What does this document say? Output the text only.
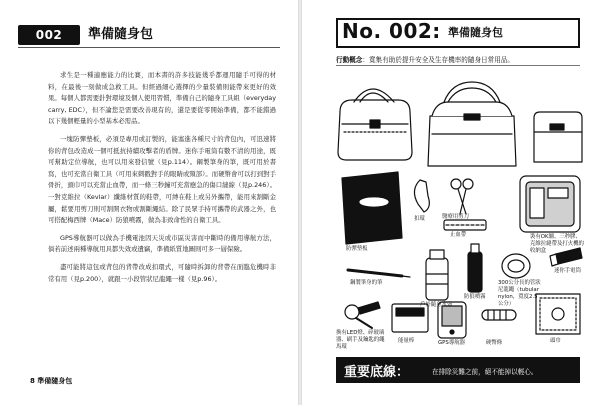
002	準備隨身包

求生是一種適應能力的比賽，而本書的許多技能幾乎都運用隨手可得的材料，在最後一刻做成急救工具。但經過細心選擇的少量裝備則能帶來更好的效果。每個人都需要針對環境及個人使用習慣，準備自己的隨身工具組（everyday carry, EDC），但不論您是需要改善現有的，還是要從零開始準備，都不能錯過以下幾個輕量的小型基本必需品。

一塊防彈墊板，必須是專用或訂製的，能塞進各種尺寸的背包內，可迅速將你的背包改造成一個可抵抗持續攻擊者的盾牌。迷你手電筒有數不清的用途，既可幫助定位導航，也可以用來發信號（見p.114）。鋼製筆身的筆，既可用於書寫，也可充當自衛工具（可用來刺戳對手的眼睛或頸部）。而硬幣會可以打到對手骨折，頭巾可以充當止血帶，而一條三秒鐘可充當應急的傷口縫線（見p.246）。一對克維拉（Kevlar）纖維材質的鞋帶，可縛在鞋上或另外攜帶，能用來割斷金屬，鬆要用剪刀則可割開衣物或割斷繩結。除了民眾手持可攜帶的武器之外，也可搭配梅西牌（Mace）防狼噴霧，做為非致命性的自衛工具。

GPS導航器可以做為手機電池因天災或市區災害而中斷時的備用導航方法，倘若前述兩種導航用具都失效或遺竊，準備紙質地圖則可多一層保險。

盡可能將這包或背包的背帶改成扣環式，可隨時拆卸的背帶在面臨危機時非常有用（見p.200），就跟一小段管狀尼龍繩一樣（見p.96）。

8 準備隨身包
No. 002: 準備隨身包
行動概念：寬集有助於提升安全及生存機率的隨身日常用品。
防彈墊板
扣環	醫療用剪刀
止血帶	裝有OK繃、三秒膠、克維拉縫帶及打火機的收納盒
鋼製筆身的筆
戶外隨身水壺
防狼噴霧
300公分長的管狀尼龍繩（tubular nylon，寬度2.5公分）
迷你手電筒
換有LED燈、碎玻璃器、刷手及鑰匙的繩馬環
能量棒	GPS導航器	硬幣條	頭巾
重要底線：	在排除災難之前，絕不能掉以輕心。
